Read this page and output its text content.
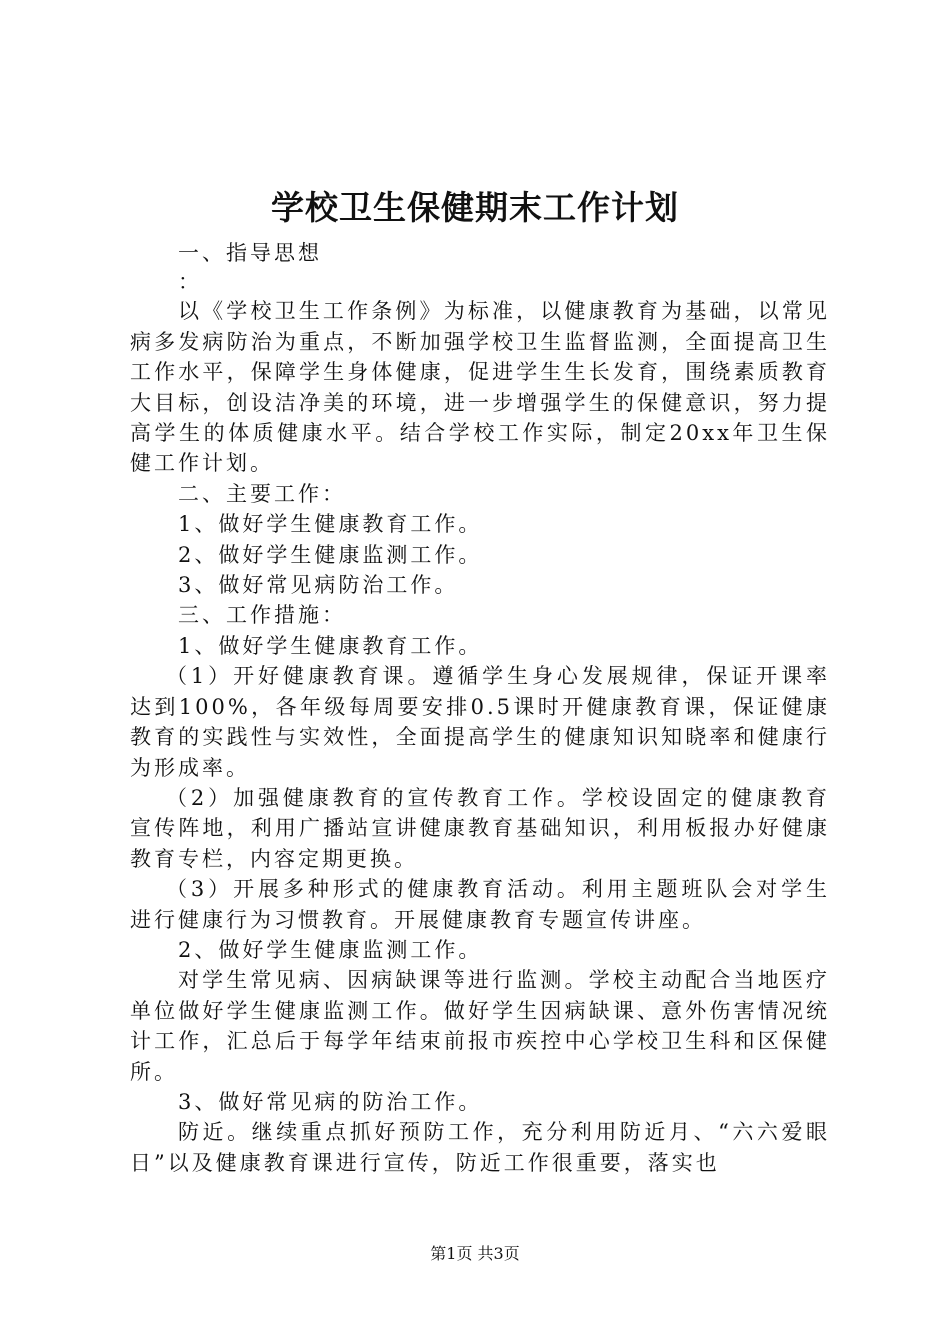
学校卫生保健期末工作计划

一、指导思想

：

以《学校卫生工作条例》为标准，以健康教育为基础，以常见病多发病防治为重点，不断加强学校卫生监督监测，全面提高卫生工作水平，保障学生身体健康，促进学生生长发育，围绕素质教育大目标，创设洁净美的环境，进一步增强学生的保健意识，努力提高学生的体质健康水平。结合学校工作实际，制定20xx年卫生保健工作计划。

二、主要工作：

1、做好学生健康教育工作。

2、做好学生健康监测工作。

3、做好常见病防治工作。

三、工作措施：

1、做好学生健康教育工作。

（1）开好健康教育课。遵循学生身心发展规律，保证开课率达到100%，各年级每周要安排0.5课时开健康教育课，保证健康教育的实践性与实效性，全面提高学生的健康知识知晓率和健康行为形成率。

（2）加强健康教育的宣传教育工作。学校设固定的健康教育宣传阵地，利用广播站宣讲健康教育基础知识，利用板报办好健康教育专栏，内容定期更换。

（3）开展多种形式的健康教育活动。利用主题班队会对学生进行健康行为习惯教育。开展健康教育专题宣传讲座。

2、做好学生健康监测工作。

对学生常见病、因病缺课等进行监测。学校主动配合当地医疗单位做好学生健康监测工作。做好学生因病缺课、意外伤害情况统计工作，汇总后于每学年结束前报市疾控中心学校卫生科和区保健所。

3、做好常见病的防治工作。

防近。继续重点抓好预防工作，充分利用防近月、“六六爱眼日”以及健康教育课进行宣传，防近工作很重要，落实也

第1页 共3页
